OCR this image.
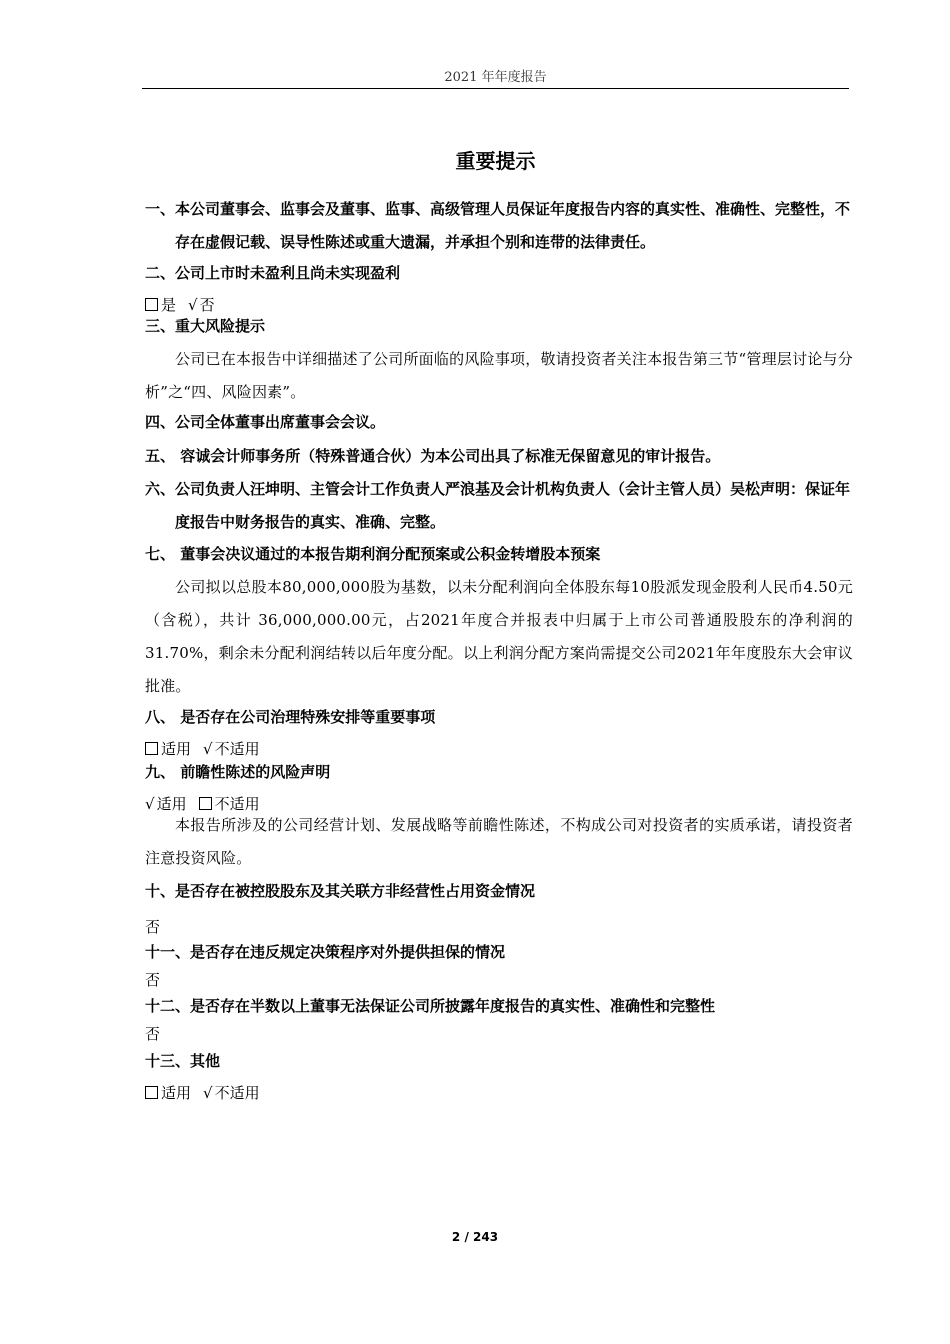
2021 年年度报告
重要提示

一、本公司董事会、监事会及董事、监事、高级管理人员保证年度报告内容的真实性、准确性、完整性，不存在虚假记载、误导性陈述或重大遗漏，并承担个别和连带的法律责任。

二、公司上市时未盈利且尚未实现盈利

是 √ 否

三、重大风险提示

公司已在本报告中详细描述了公司所面临的风险事项，敬请投资者关注本报告第三节“管理层讨论与分析”之“四、风险因素”。

四、公司全体董事出席董事会会议。

五、 容诚会计师事务所（特殊普通合伙）为本公司出具了标准无保留意见的审计报告。

六、公司负责人汪坤明、主管会计工作负责人严浪基及会计机构负责人（会计主管人员）吴松声明：保证年度报告中财务报告的真实、准确、完整。

七、 董事会决议通过的本报告期利润分配预案或公积金转增股本预案

公司拟以总股本80,000,000股为基数，以未分配利润向全体股东每10股派发现金股利人民币4.50元（含税），共计 36,000,000.00元，占2021年度合并报表中归属于上市公司普通股股东的净利润的31.70%，剩余未分配利润结转以后年度分配。以上利润分配方案尚需提交公司2021年年度股东大会审议批准。

八、 是否存在公司治理特殊安排等重要事项

适用 √ 不适用

九、 前瞻性陈述的风险声明

√ 适用 不适用

本报告所涉及的公司经营计划、发展战略等前瞻性陈述，不构成公司对投资者的实质承诺，请投资者注意投资风险。

十、是否存在被控股股东及其关联方非经营性占用资金情况

否

十一、是否存在违反规定决策程序对外提供担保的情况

否

十二、是否存在半数以上董事无法保证公司所披露年度报告的真实性、准确性和完整性

否

十三、其他

适用 √ 不适用

2 / 243
